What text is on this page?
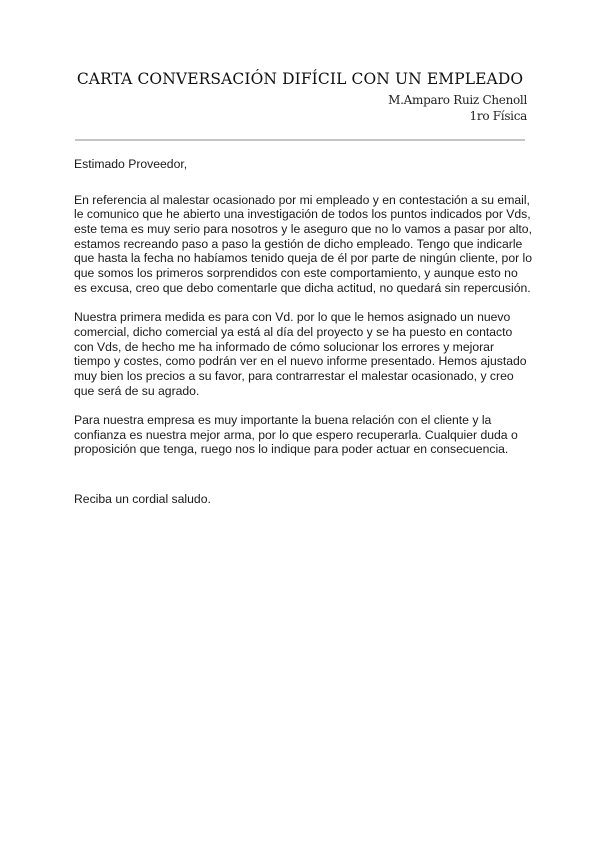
CARTA CONVERSACIÓN DIFÍCIL CON UN EMPLEADO
M.Amparo Ruiz Chenoll
1ro Física
Estimado Proveedor,
En referencia al malestar ocasionado por mi empleado y en contestación a su email,
le comunico que he abierto una investigación de todos los puntos indicados por Vds,
este tema es muy serio para nosotros y le aseguro que no lo vamos a pasar por alto,
estamos recreando paso a paso la gestión de dicho empleado. Tengo que indicarle
que hasta la fecha no habíamos tenido queja de él por parte de ningún cliente, por lo
que somos los primeros sorprendidos con este comportamiento, y aunque esto no
es excusa, creo que debo comentarle que dicha actitud, no quedará sin repercusión.
Nuestra primera medida es para con Vd. por lo que le hemos asignado un nuevo
comercial, dicho comercial ya está al día del proyecto y se ha puesto en contacto
con Vds, de hecho me ha informado de cómo solucionar los errores y mejorar
tiempo y costes, como podrán ver en el nuevo informe presentado. Hemos ajustado
muy bien los precios a su favor, para contrarrestar el malestar ocasionado, y creo
que será de su agrado.
Para nuestra empresa es muy importante la buena relación con el cliente y la
confianza es nuestra mejor arma, por lo que espero recuperarla. Cualquier duda o
proposición que tenga, ruego nos lo indique para poder actuar en consecuencia.
Reciba un cordial saludo.
